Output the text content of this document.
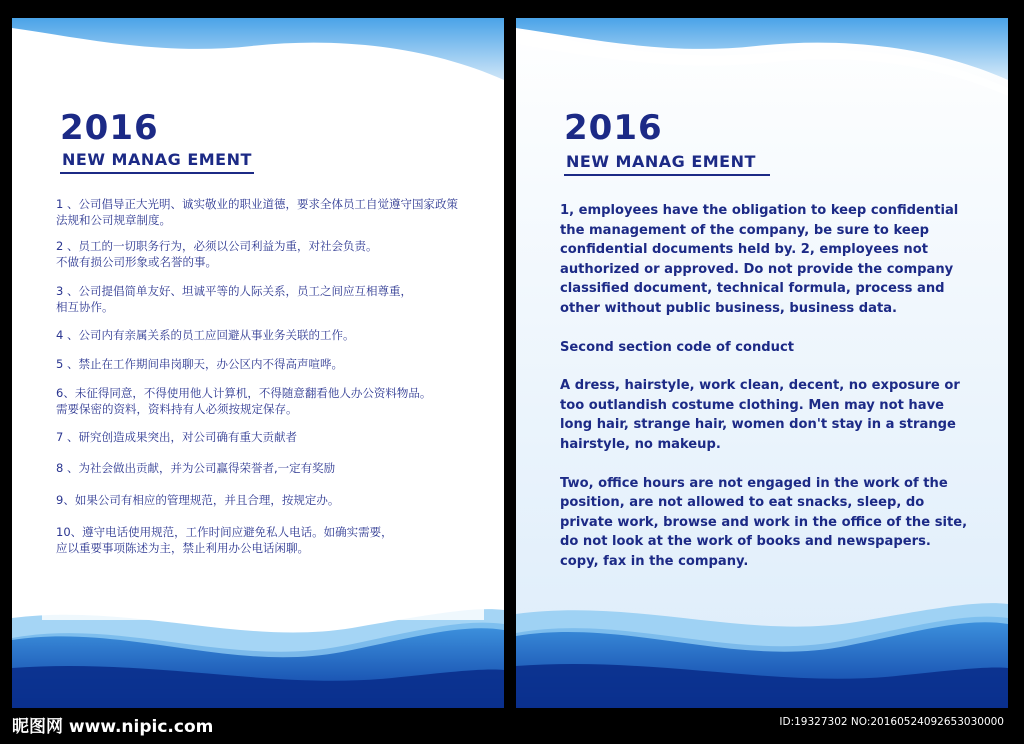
2016
NEW MANAG EMENT
1 、公司倡导正大光明、诚实敬业的职业道德，要求全体员工自觉遵守国家政策
法规和公司规章制度。
2 、员工的一切职务行为，必须以公司利益为重，对社会负责。
不做有损公司形象或名誉的事。
3 、公司提倡简单友好、坦诚平等的人际关系，员工之间应互相尊重，
相互协作。
4 、公司内有亲属关系的员工应回避从事业务关联的工作。
5 、禁止在工作期间串岗聊天，办公区内不得高声喧哗。
6、未征得同意，不得使用他人计算机，不得随意翻看他人办公资料物品。
需要保密的资料，资料持有人必须按规定保存。
7 、研究创造成果突出，对公司确有重大贡献者
8 、为社会做出贡献，并为公司赢得荣誉者,一定有奖励
9、如果公司有相应的管理规范，并且合理，按规定办。
10、遵守电话使用规范，工作时间应避免私人电话。如确实需要，
应以重要事项陈述为主，禁止利用办公电话闲聊。
2016
NEW MANAG EMENT

1, employees have the obligation to keep confidential
the management of the company, be sure to keep
confidential documents held by. 2, employees not
authorized or approved. Do not provide the company
classified document, technical formula, process and
other without public business, business data.

Second section code of conduct

A dress, hairstyle, work clean, decent, no exposure or
too outlandish costume clothing. Men may not have
long hair, strange hair, women don't stay in a strange
hairstyle, no makeup.

Two, office hours are not engaged in the work of the
position, are not allowed to eat snacks, sleep, do
private work, browse and work in the office of the site,
do not look at the work of books and newspapers.
copy, fax in the company.

昵图网 www.nipic.com	ID:19327302 NO:20160524092653030000
